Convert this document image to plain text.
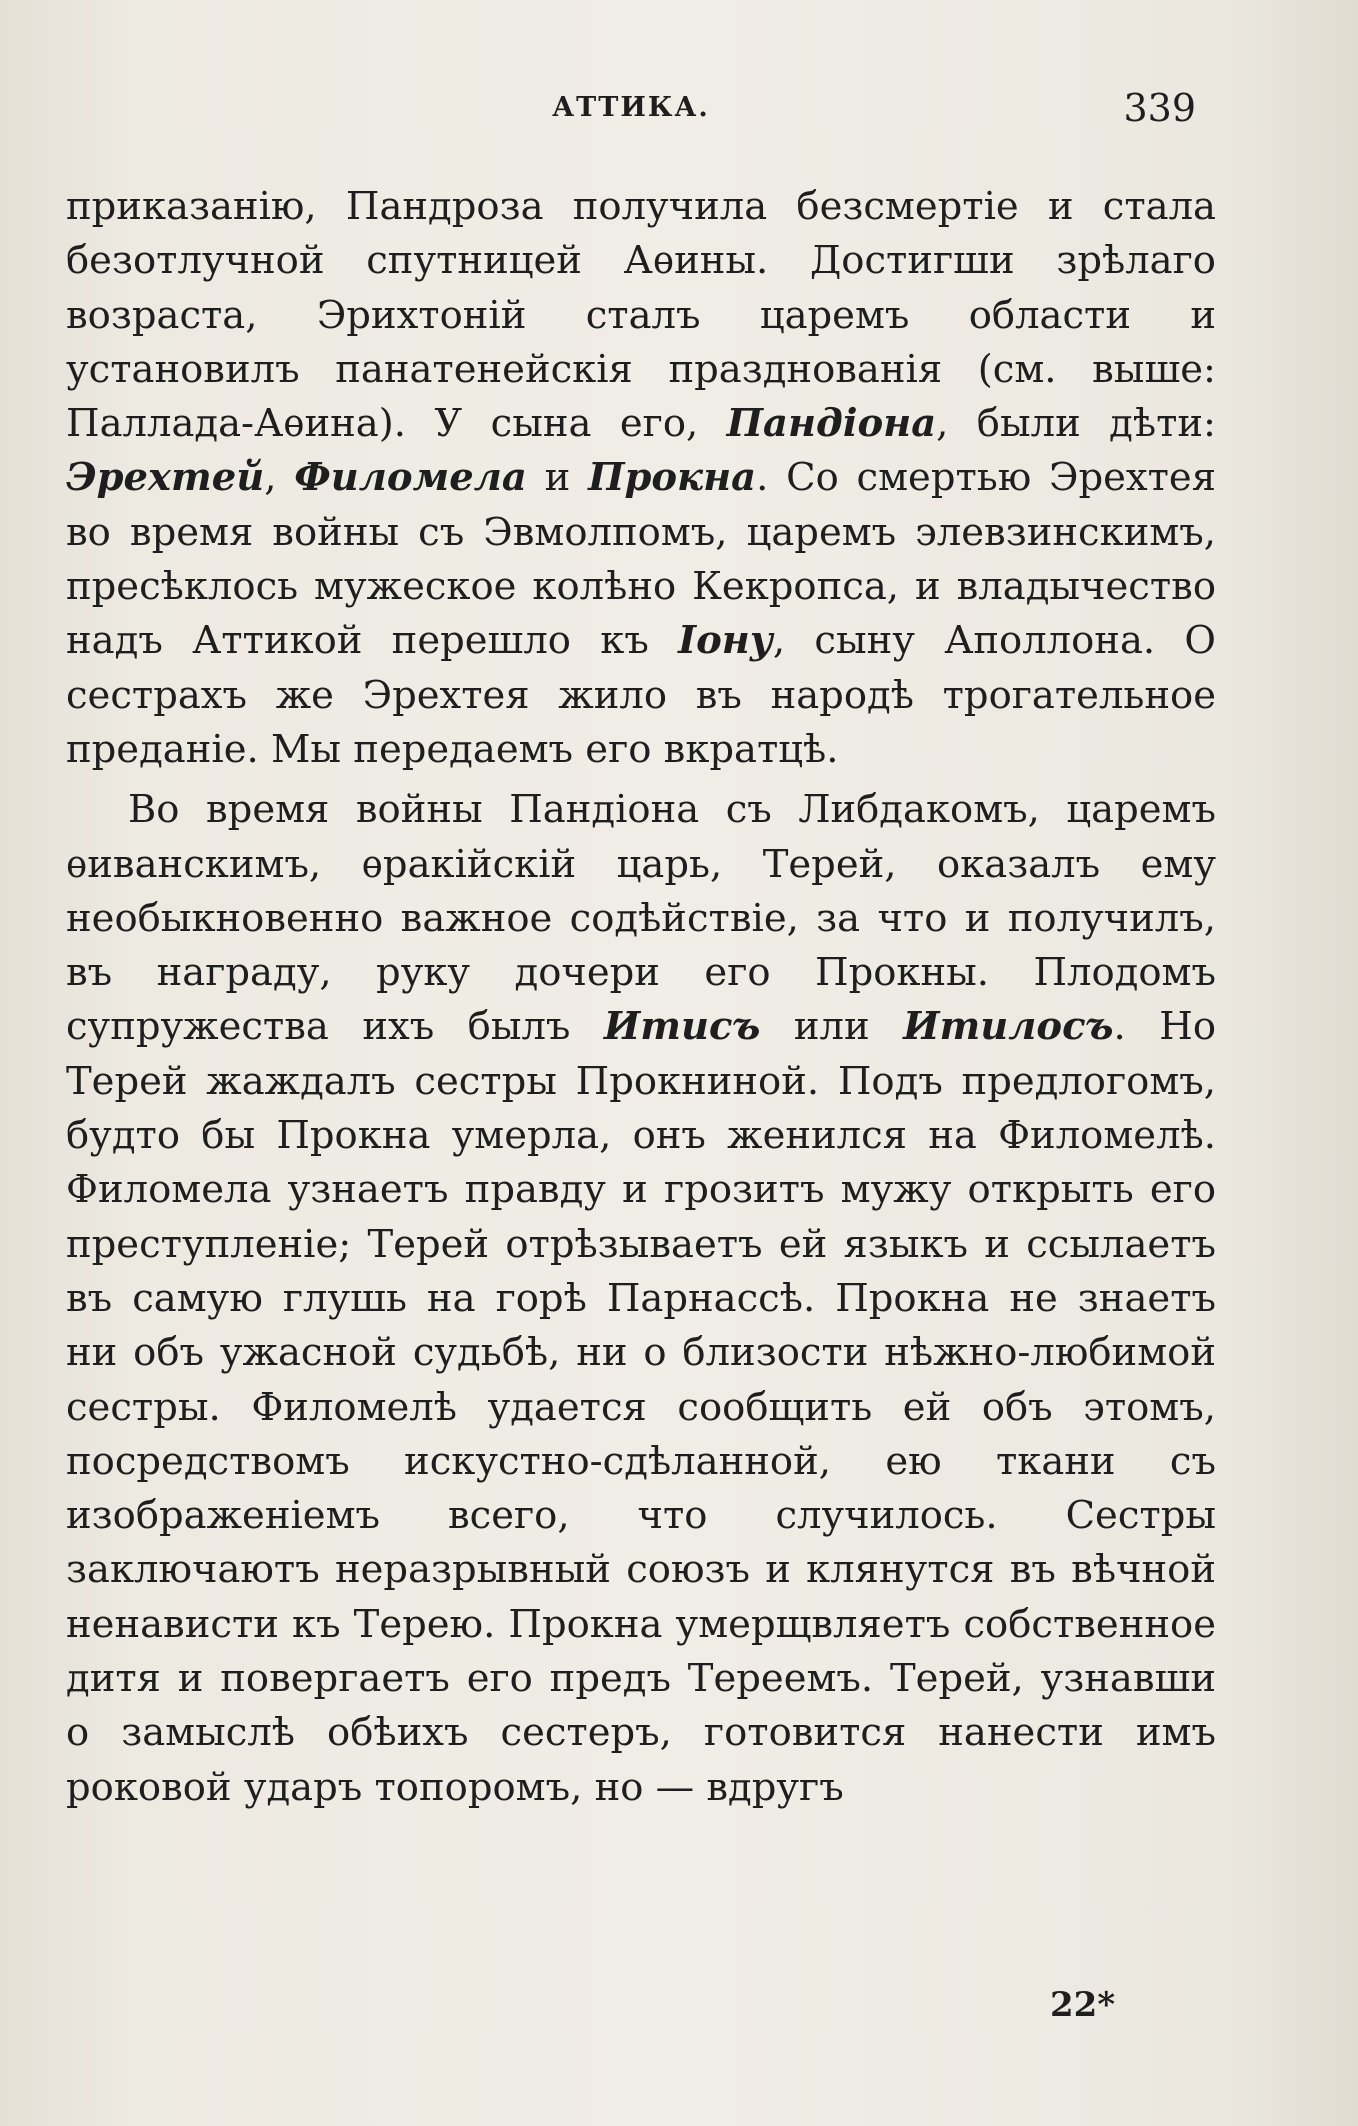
АТТИКА.	339

приказанію, Пандроза получила безсмертіе и стала безотлучной спутницей Аѳины. Достигши зрѣлаго возраста, Эрихтоній сталъ царемъ области и установилъ панатенейскія празднованія (см. выше: Паллада-Аѳина). У сына его, Пандіона, были дѣти: Эрехтей, Филомела и Прокна. Со смертью Эрехтея во время войны съ Эвмолпомъ, царемъ элевзинскимъ, пресѣклось мужеское колѣно Кекропса, и владычество надъ Аттикой перешло къ Іону, сыну Аполлона. О сестрахъ же Эрехтея жило въ народѣ трогательное преданіе. Мы передаемъ его вкратцѣ.

Во время войны Пандіона съ Либдакомъ, царемъ ѳиванскимъ, ѳракійскій царь, Терей, оказалъ ему необыкновенно важное содѣйствіе, за что и получилъ, въ награду, руку дочери его Прокны. Плодомъ супружества ихъ былъ Итисъ или Итилосъ. Но Терей жаждалъ сестры Прокниной. Подъ предлогомъ, будто бы Прокна умерла, онъ женился на Филомелѣ. Филомела узнаетъ правду и грозитъ мужу открыть его преступленіе; Терей отрѣзываетъ ей языкъ и ссылаетъ въ самую глушь на горѣ Парнассѣ. Прокна не знаетъ ни объ ужасной судьбѣ, ни о близости нѣжно-любимой сестры. Филомелѣ удается сообщить ей объ этомъ, посредствомъ искустно-сдѣланной, ею ткани съ изображеніемъ всего, что случилось. Сестры заключаютъ неразрывный союзъ и клянутся въ вѣчной ненависти къ Терею. Прокна умерщвляетъ собственное дитя и повергаетъ его предъ Тереемъ. Терей, узнавши о замыслѣ обѣихъ сестеръ, готовится нанести имъ роковой ударъ топоромъ, но — вдругъ

22*
